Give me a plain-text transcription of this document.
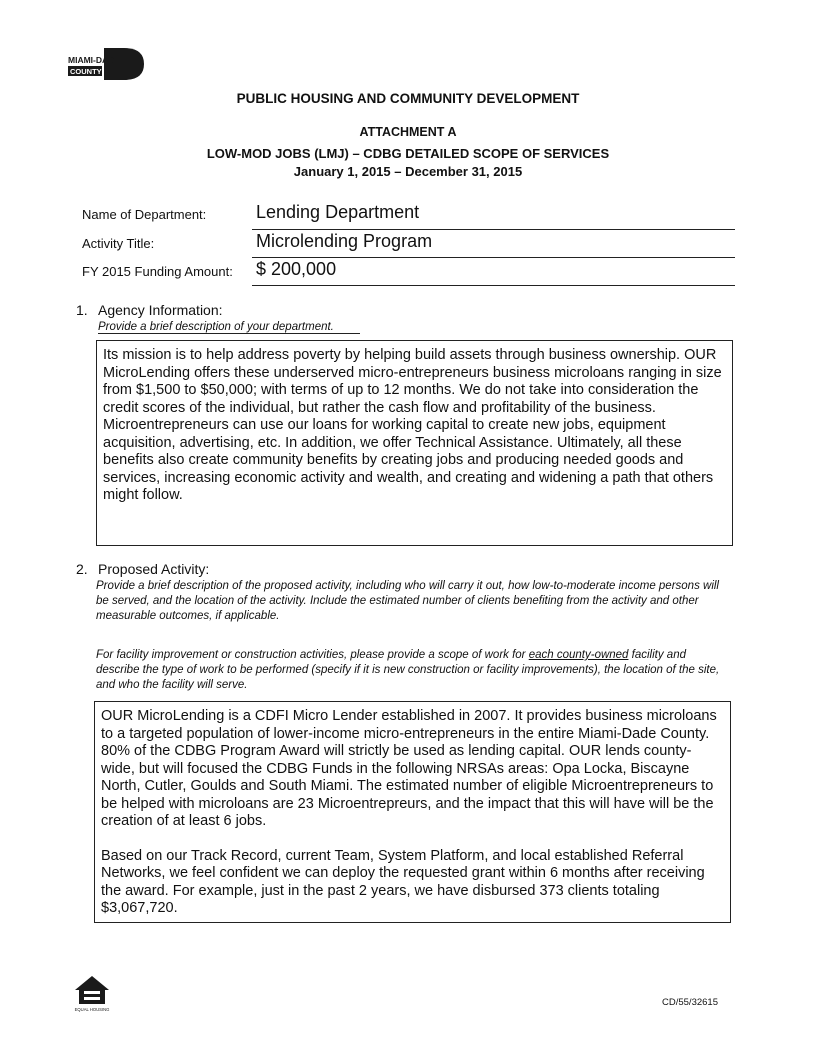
MIAMI-DADE
COUNTY
PUBLIC HOUSING AND COMMUNITY DEVELOPMENT
ATTACHMENT A
LOW-MOD JOBS (LMJ) – CDBG DETAILED SCOPE OF SERVICES
January 1, 2015 – December 31, 2015
Name of Department:	Lending Department
Activity Title:	Microlending Program
FY 2015 Funding Amount: $ 200,000
1. Agency Information:
Provide a brief description of your department.

Its mission is to help address poverty by helping build assets through business ownership. OUR MicroLending offers these underserved micro-entrepreneurs business microloans ranging in size from $1,500 to $50,000; with terms of up to 12 months. We do not take into consideration the credit scores of the individual, but rather the cash flow and profitability of the business. Microentrepreneurs can use our loans for working capital to create new jobs, equipment acquisition, advertising, etc. In addition, we offer Technical Assistance. Ultimately, all these benefits also create community benefits by creating jobs and producing needed goods and services, increasing economic activity and wealth, and creating and widening a path that others might follow.

2. Proposed Activity:
Provide a brief description of the proposed activity, including who will carry it out, how low-to-moderate income persons will be served, and the location of the activity. Include the estimated number of clients benefiting from the activity and other measurable outcomes, if applicable.
For facility improvement or construction activities, please provide a scope of work for each county-owned facility and describe the type of work to be performed (specify if it is new construction or facility improvements), the location of the site, and who the facility will serve.

OUR MicroLending is a CDFI Micro Lender established in 2007. It provides business microloans to a targeted population of lower-income micro-entrepreneurs in the entire Miami-Dade County. 80% of the CDBG Program Award will strictly be used as lending capital. OUR lends county-wide, but will focused the CDBG Funds in the following NRSAs areas: Opa Locka, Biscayne North, Cutler, Goulds and South Miami. The estimated number of eligible Microentrepreneurs to be helped with microloans are 23 Microentrepreurs, and the impact that this will have will be the creation of at least 6 jobs.

Based on our Track Record, current Team, System Platform, and local established Referral Networks, we feel confident we can deploy the requested grant within 6 months after receiving the award. For example, just in the past 2 years, we have disbursed 373 clients totaling $3,067,720.

EQUAL HOUSING
CD/55/32615
